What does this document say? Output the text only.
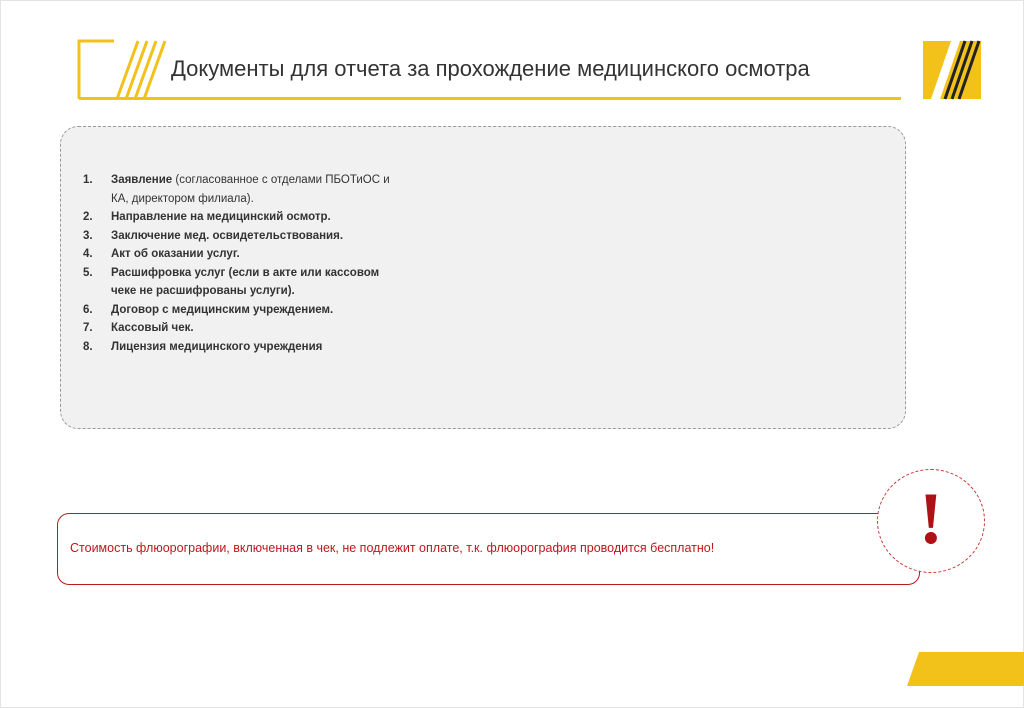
Документы для отчета за прохождение медицинского осмотра
1.	Заявление (согласованное с отделами ПБОТиОС и КА, директором филиала).
2.	Направление на медицинский осмотр.
3.	Заключение мед. освидетельствования.
4.	Акт об оказании услуг.
5.	Расшифровка услуг (если в акте или кассовом чеке не расшифрованы услуги).
6.	Договор с медицинским учреждением.
7.	Кассовый чек.
8.	Лицензия медицинского учреждения
Стоимость флюорографии, включенная в чек, не подлежит оплате, т.к. флюорография проводится бесплатно!	!
